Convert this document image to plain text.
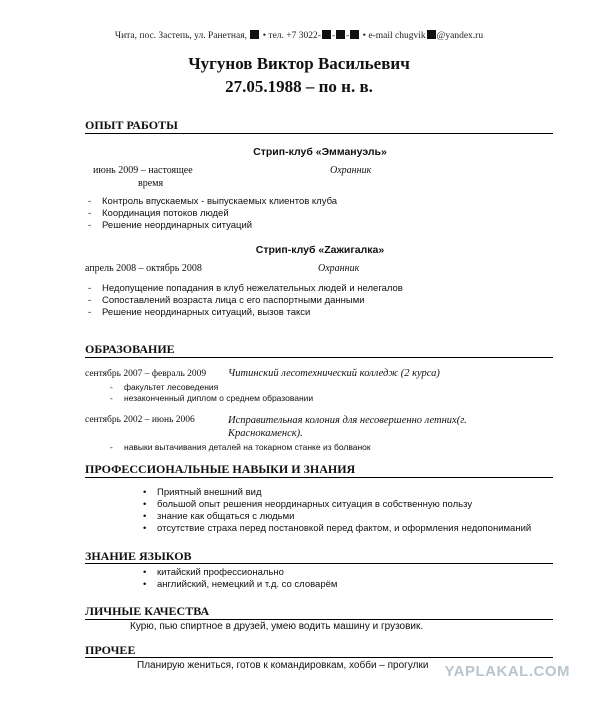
Чита, пос. Застепь, ул. Ранетная, • тел. +7 3022- - - • e-mail chugvik @yandex.ru
Чугунов Виктор Васильевич
27.05.1988 – по н. в.
ОПЫТ РАБОТЫ
Стрип-клуб «Эммануэль»
июнь 2009 – настоящее
время
Охранник
- Контроль впускаемых - выпускаемых клиентов клуба
- Координация потоков людей
- Решение неординарных ситуаций
Стрип-клуб «Zажигалка»
апрель 2008 – октябрь 2008	Охранник
- Недопущение попадания в клуб нежелательных людей и нелегалов
- Сопоставлений возраста лица с его паспортными данными
- Решение неординарных ситуаций, вызов такси
ОБРАЗОВАНИЕ
сентябрь 2007 – февраль 2009 Читинский лесотехнический колледж (2 курса)
- факультет лесоведения
- незаконченный диплом о среднем образовании
сентябрь 2002 – июнь 2006	Исправительная колония для несовершенно летних(г.
Краснокаменск).
- навыки вытачивания деталей на токарном станке из болванок
ПРОФЕССИОНАЛЬНЫЕ НАВЫКИ И ЗНАНИЯ
• Приятный внешний вид
• большой опыт решения неординарных ситуация в собственную пользу
• знание как общаться с людьми
• отсутствие страха перед постановкой перед фактом, и оформления недопониманий
ЗНАНИЕ ЯЗЫКОВ
• китайский профессионально
• английский, немецкий и т.д. со словарём
ЛИЧНЫЕ КАЧЕСТВА
Курю, пью спиртное в друзей, умею водить машину и грузовик.
ПРОЧЕЕ
Планирую жениться, готов к командировкам, хобби – прогулки YAPLAKAL.COM
